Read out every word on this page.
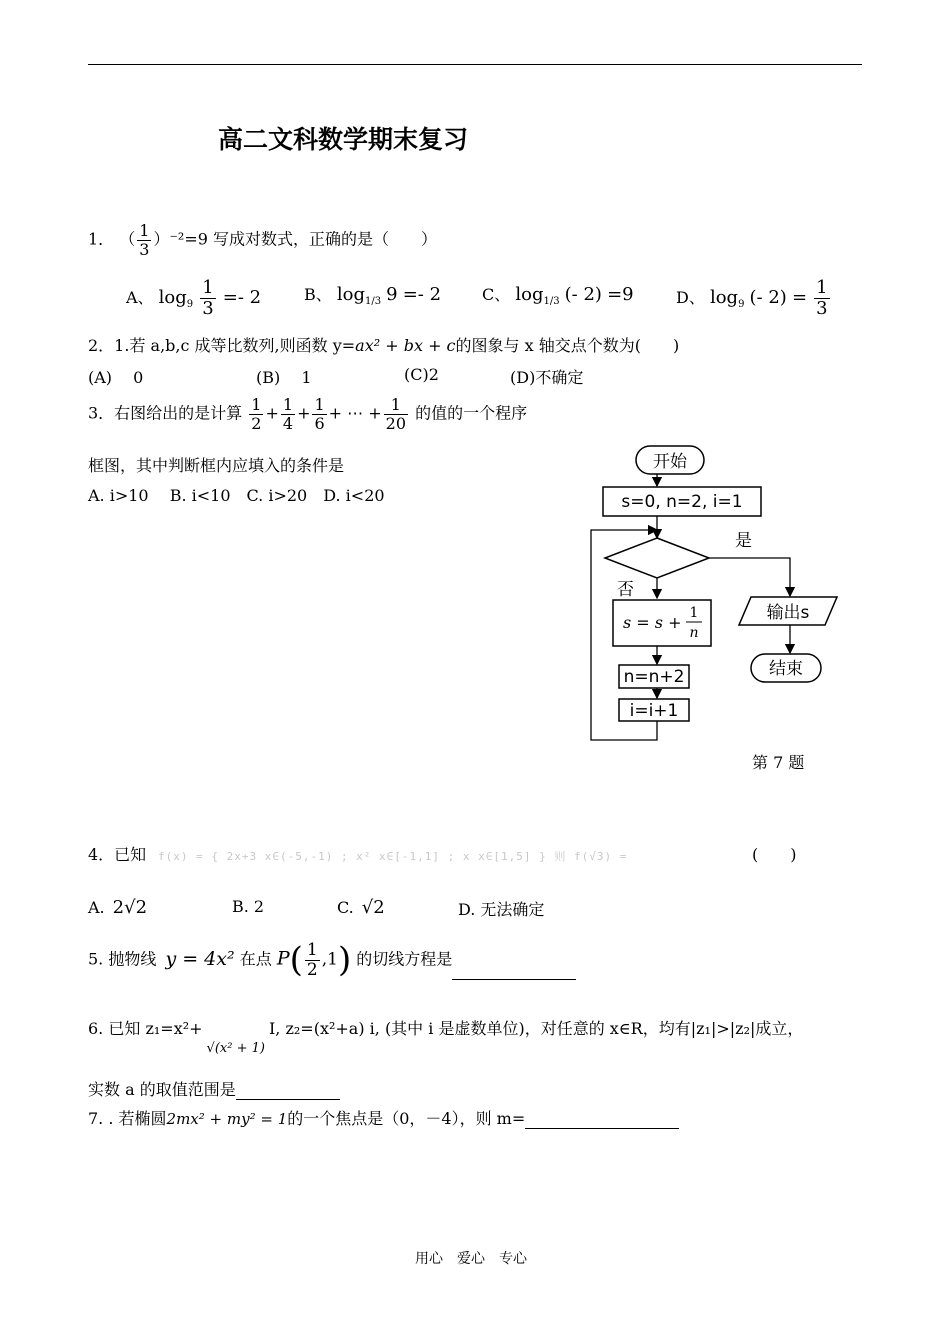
高二文科数学期末复习
1． （ $\frac{1}{3} )^{-2}=9$ 写成对数式，正确的是（　　）
A、 $\log_9 \frac{1}{3} =- 2$	B、 $\log_{1/3} 9 =- 2$	C、 $\log_{1/3}$ (- 2) =9	D、 $\log_9$ (- $2) = \frac{1}{3}$
2．1.若 a,b,c 成等比数列,则函数 y=ax² + bx + c的图象与 x 轴交点个数为(　　)
(A)　 0	(B)　 1	(C)2	(D)不确定
3．右图给出的是计算 $\frac{1}{2} + \frac{1}{4} + \frac{1}{6}$ + ⋯ + $\frac{1}{20}$ 的值的一个程序
框图，其中判断框内应填入的条件是
A. i>10　 B. i<10　C. i>20　D. i<20
开始
s=0, n=2, i=1
是
否
s = s + 1
n
n=n+2
i=i+1
输出s
结束
第 7 题
4．已知 f(x) = { 2x+3 x∈(-5,-1) ; x² x∈[-1,1] ; x x∈[1,5] } 则 f(√3) =	(　　)
A.  2√2	B. 2	C.  √2	D. 无法确定
5. 抛物线 y = 4x² 在点 $P( \frac{1}{2} ,1)$ 的切线方程是
6. 已知 $z_1=x^2+_{√(x^2 + 1)}I$, z₂=(x²+a) i, (其中 i 是虚数单位)，对任意的 x∈R，均有|z₁|>|z₂|成立，
实数 a 的取值范围是
7. . 若椭圆2mx² + my² = 1的一个焦点是（0，－4），则 m=
用心　爱心　专心
